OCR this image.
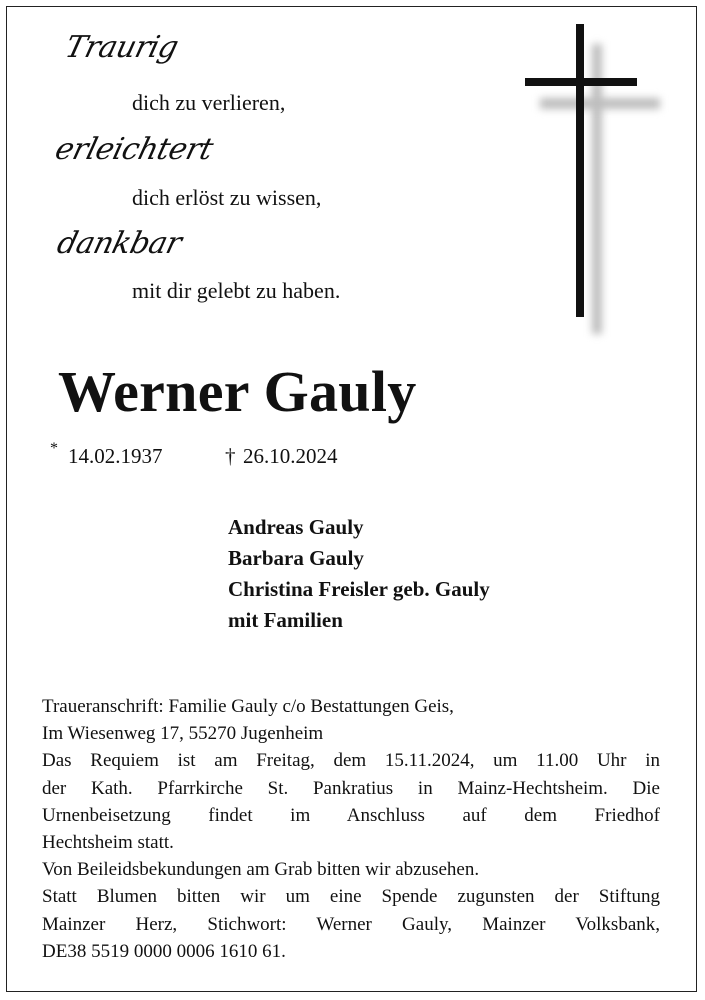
Traurig
dich zu verlieren,
erleichtert
dich erlöst zu wissen,
dankbar
mit dir gelebt zu haben.
Werner Gauly
* 14.02.1937	† 26.10.2024
Andreas Gauly
Barbara Gauly
Christina Freisler geb. Gauly
mit Familien
Traueranschrift: Familie Gauly c/o Bestattungen Geis,
Im Wiesenweg 17, 55270 Jugenheim
Das Requiem ist am Freitag, dem 15.11.2024, um 11.00 Uhr in
der Kath. Pfarrkirche St. Pankratius in Mainz-Hechtsheim. Die
Urnenbeisetzung findet im Anschluss auf dem Friedhof
Hechtsheim statt.
Von Beileidsbekundungen am Grab bitten wir abzusehen.
Statt Blumen bitten wir um eine Spende zugunsten der Stiftung
Mainzer Herz, Stichwort: Werner Gauly, Mainzer Volksbank,
DE38 5519 0000 0006 1610 61.
